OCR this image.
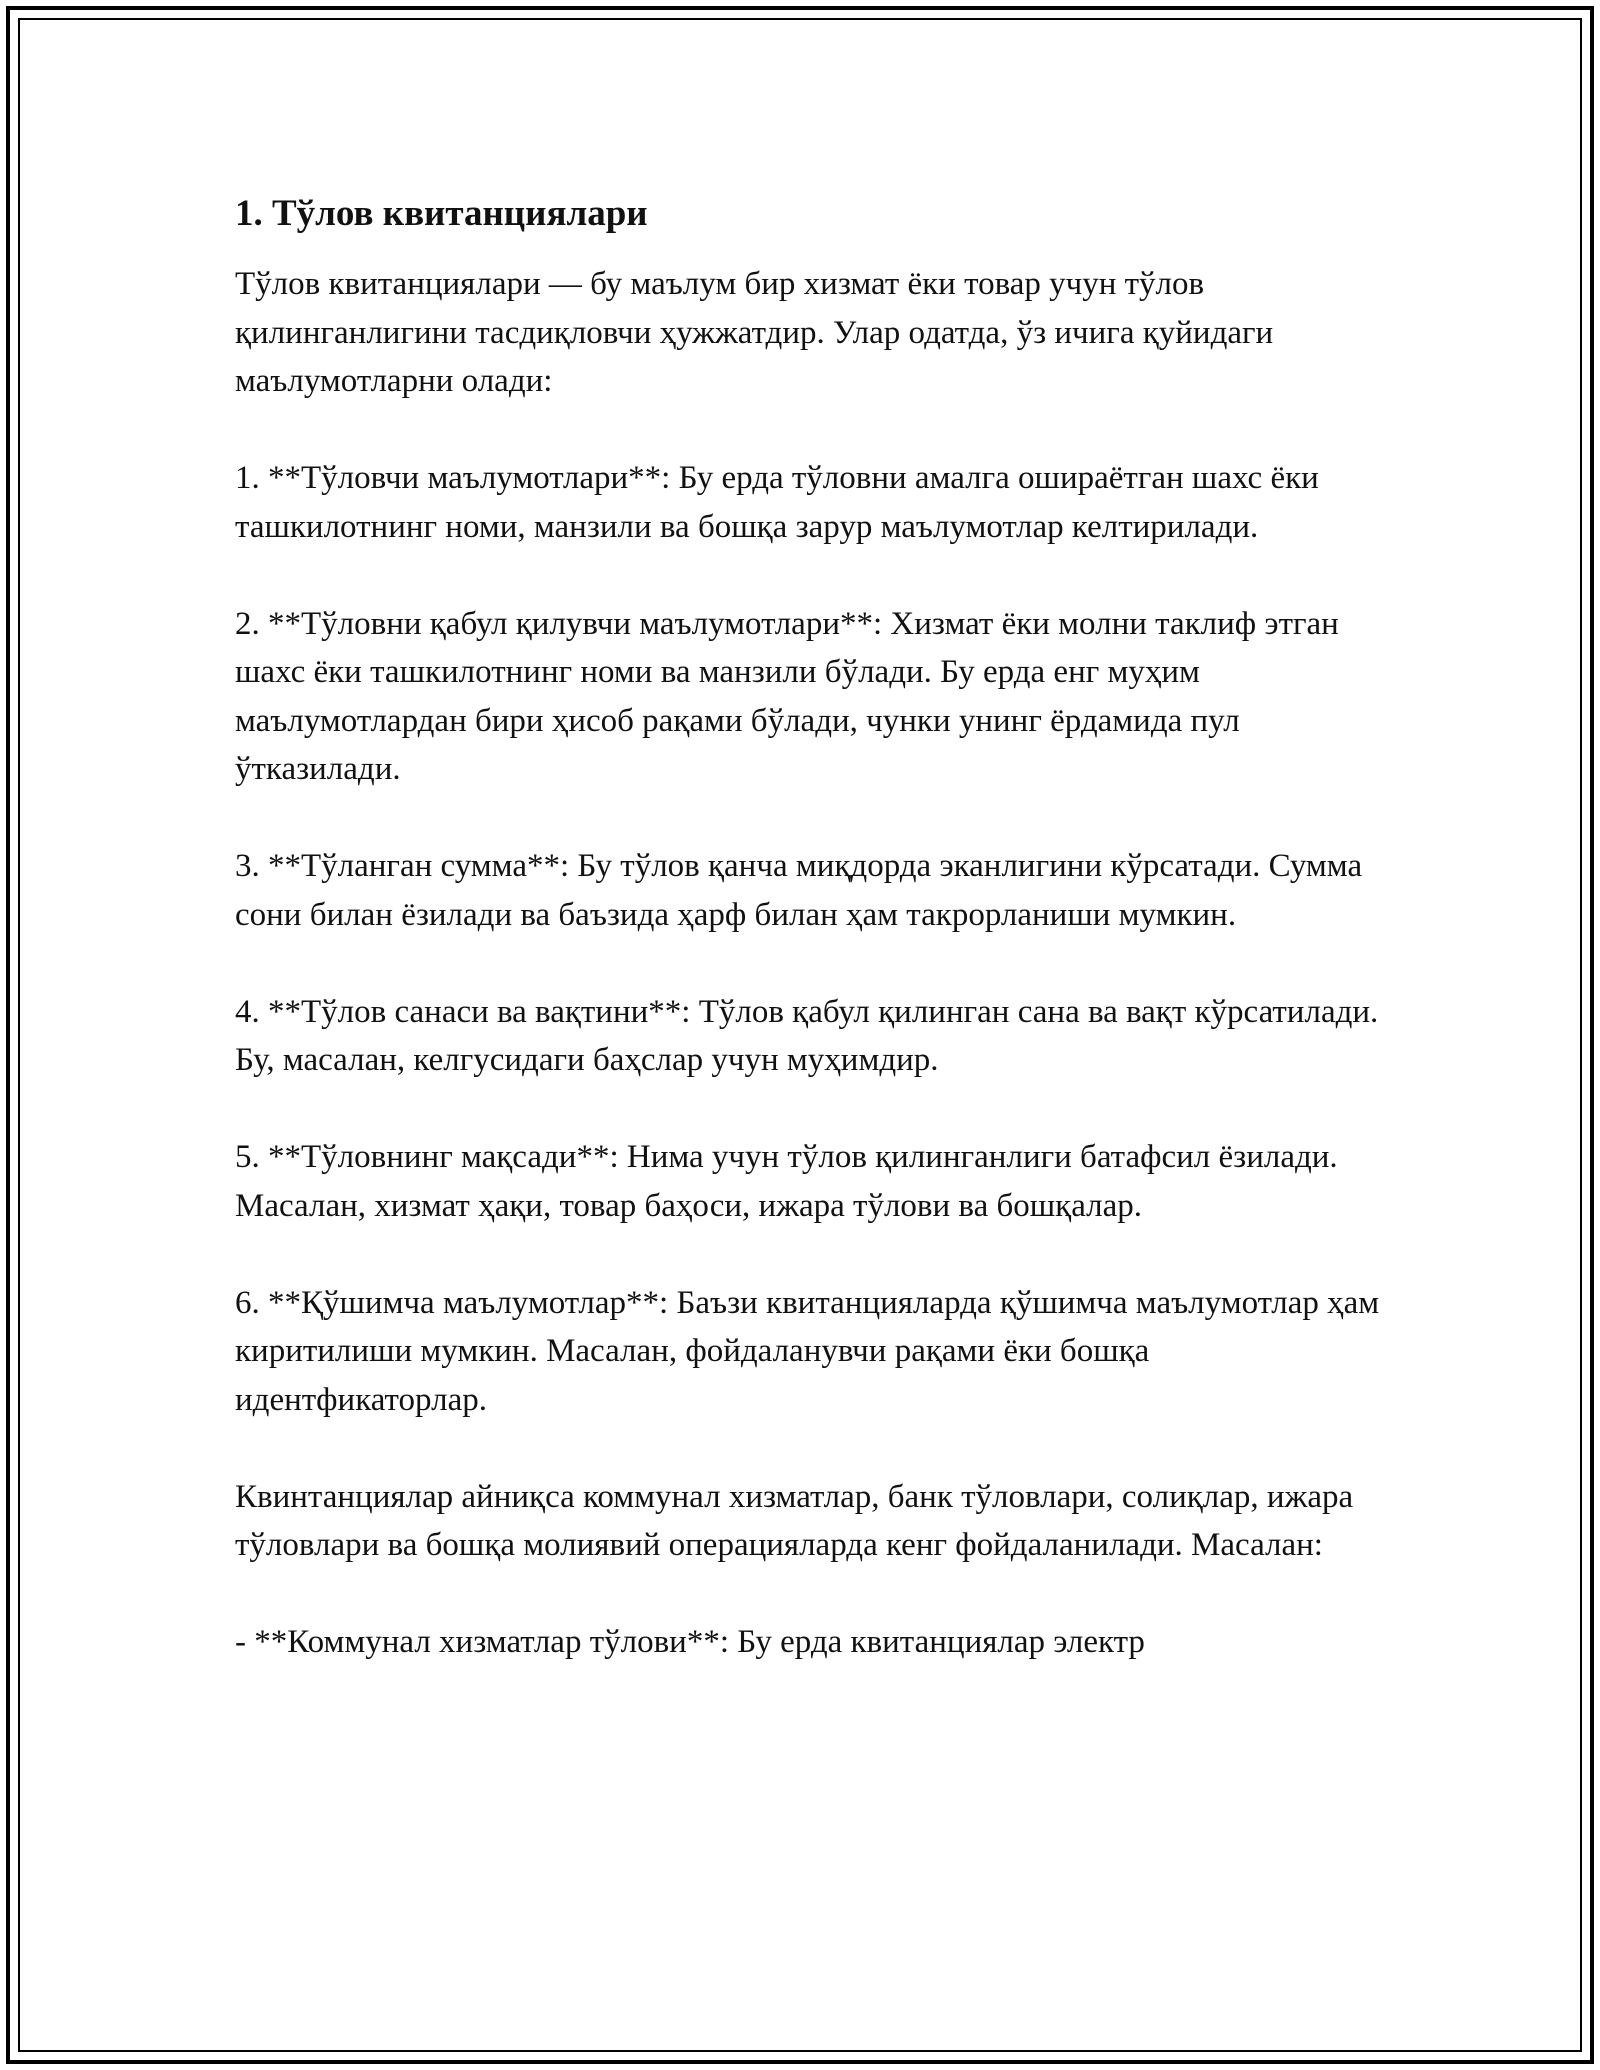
1. Тўлов квитанциялари

Тўлов квитанциялари — бу маълум бир хизмат ёки товар учун тўлов қилинганлигини тасдиқловчи ҳужжатдир. Улар одатда, ўз ичига қуйидаги маълумотларни олади:

1. **Тўловчи маълумотлари**: Бу ерда тўловни амалга ошираётган шахс ёки ташкилотнинг номи, манзили ва бошқа зарур маълумотлар келтирилади.

2. **Тўловни қабул қилувчи маълумотлари**: Хизмат ёки молни таклиф этган шахс ёки ташкилотнинг номи ва манзили бўлади. Бу ерда енг муҳим маълумотлардан бири ҳисоб рақами бўлади, чунки унинг ёрдамида пул ўтказилади.

3. **Тўланган сумма**: Бу тўлов қанча миқдорда эканлигини кўрсатади. Сумма сони билан ёзилади ва баъзида ҳарф билан ҳам такрорланиши мумкин.

4. **Тўлов санаси ва вақтини**: Тўлов қабул қилинган сана ва вақт кўрсатилади. Бу, масалан, келгусидаги баҳслар учун муҳимдир.

5. **Тўловнинг мақсади**: Нима учун тўлов қилинганлиги батафсил ёзилади. Масалан, хизмат ҳақи, товар баҳоси, ижара тўлови ва бошқалар.

6. **Қўшимча маълумотлар**: Баъзи квитанцияларда қўшимча маълумотлар ҳам киритилиши мумкин. Масалан, фойдаланувчи рақами ёки бошқа идентфикаторлар.

Квинтанциялар айниқса коммунал хизматлар, банк тўловлари, солиқлар, ижара тўловлари ва бошқа молиявий операцияларда кенг фойдаланилади. Масалан:

- **Коммунал хизматлар тўлови**: Бу ерда квитанциялар электр
